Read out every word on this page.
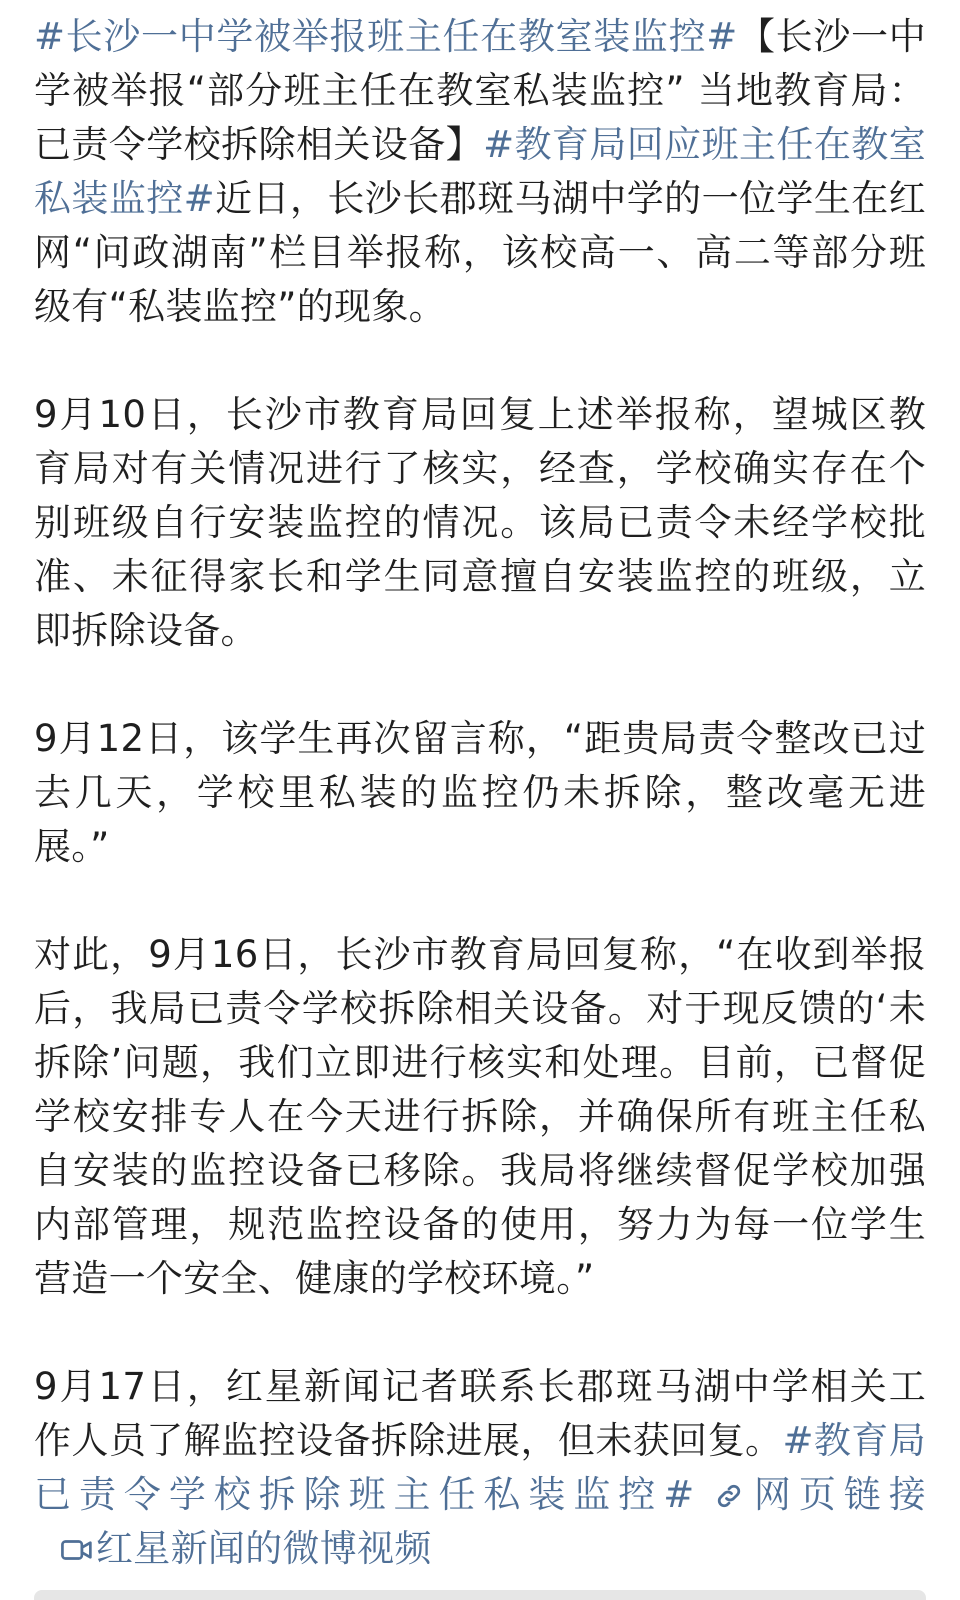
#长沙一中学被举报班主任在教室装监控#【长沙一中学被举报“部分班主任在教室私装监控” 当地教育局：已责令学校拆除相关设备】#教育局回应班主任在教室私装监控#近日，长沙长郡斑马湖中学的一位学生在红网“问政湖南”栏目举报称，该校高一、高二等部分班级有“私装监控”的现象。

9月10日，长沙市教育局回复上述举报称，望城区教育局对有关情况进行了核实，经查，学校确实存在个别班级自行安装监控的情况。该局已责令未经学校批准、未征得家长和学生同意擅自安装监控的班级，立即拆除设备。

9月12日，该学生再次留言称，“距贵局责令整改已过去几天，学校里私装的监控仍未拆除，整改毫无进展。”

对此，9月16日，长沙市教育局回复称，“在收到举报后，我局已责令学校拆除相关设备。对于现反馈的‘未拆除’问题，我们立即进行核实和处理。目前，已督促学校安排专人在今天进行拆除，并确保所有班主任私自安装的监控设备已移除。我局将继续督促学校加强内部管理，规范监控设备的使用，努力为每一位学生营造一个安全、健康的学校环境。”

9月17日，红星新闻记者联系长郡斑马湖中学相关工作人员了解监控设备拆除进展，但未获回复。#教育局已责令学校拆除班主任私装监控# 网页链接红星新闻的微博视频
